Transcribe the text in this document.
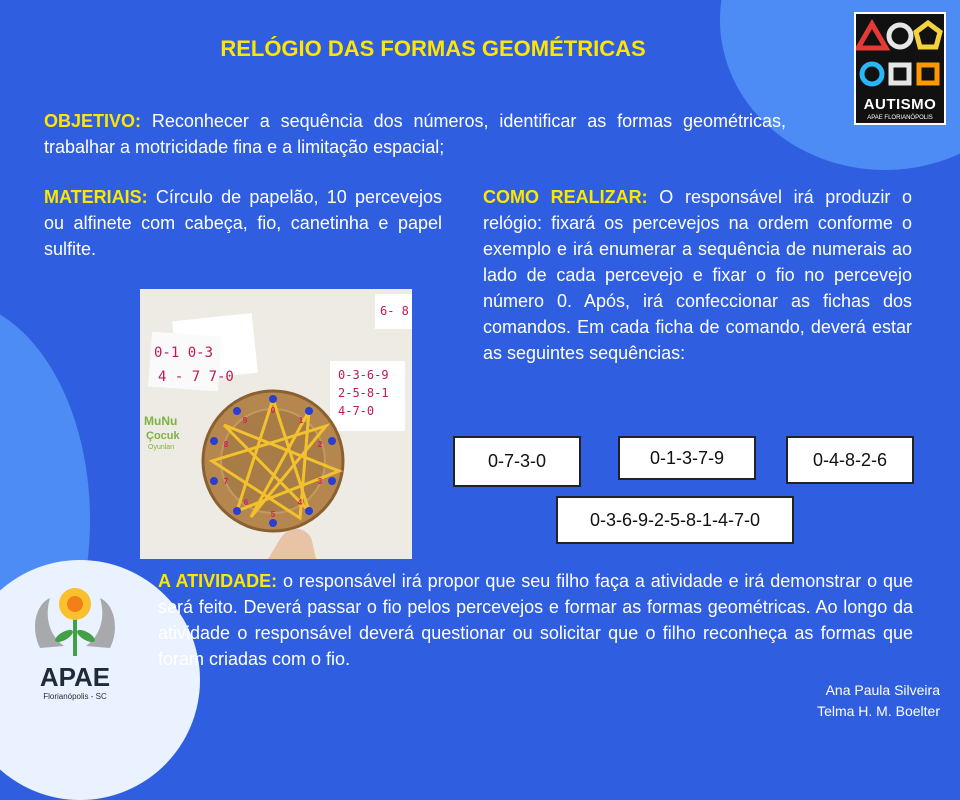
AUTISMO
APAE FLORIANÓPOLIS
RELÓGIO DAS FORMAS GEOMÉTRICAS

OBJETIVO: Reconhecer a sequência dos números, identificar as formas geométricas, trabalhar a motricidade fina e a limitação espacial;

MATERIAIS: Círculo de papelão, 10 percevejos ou alfinete com cabeça, fio, canetinha e papel sulfite.

COMO REALIZAR: O responsável irá produzir o relógio: fixará os percevejos na ordem conforme o exemplo e irá enumerar a sequência de numerais ao lado de cada percevejo e fixar o fio no percevejo número 0. Após, irá confeccionar as fichas dos comandos. Em cada ficha de comando, deverá estar as seguintes sequências:

0-1 0-3
4 - 7 7-0	0-3-6-9
2-5-8-1
4-7-0
6- 8
MuNu
Çocuk
Oyunları
0
1
2
3
4
5
6
7
8
9
0-7-3-0	0-1-3-7-9	0-4-8-2-6
0-3-6-9-2-5-8-1-4-7-0

A ATIVIDADE: o responsável irá propor que seu filho faça a atividade e irá demonstrar o que será feito. Deverá passar o fio pelos percevejos e formar as formas geométricas. Ao longo da atividade o responsável deverá questionar ou solicitar que o filho reconheça as formas que foram criadas com o fio.

APAE
Florianópolis - SC	Ana Paula Silveira
Telma H. M. Boelter
